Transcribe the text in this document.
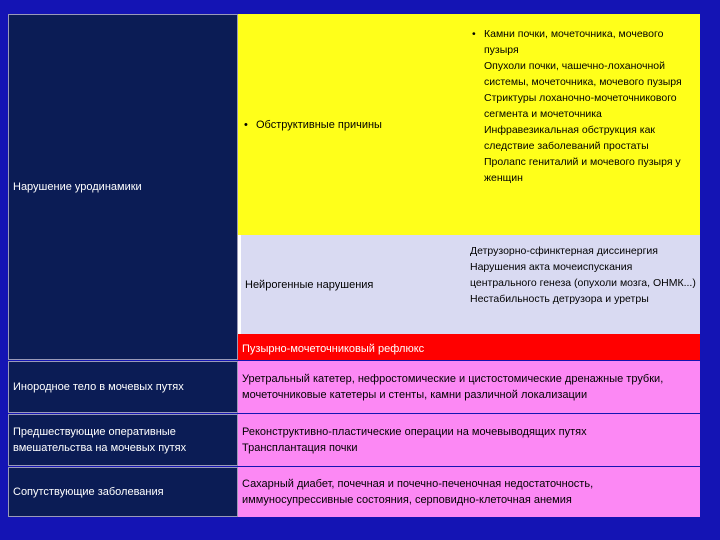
Нарушение уродинамики
• Обструктивные причины
• Камни почки, мочеточника, мочевого пузыря
Опухоли почки, чашечно-лоханочной системы, мочеточника, мочевого пузыря
Стриктуры лоханочно-мочеточникового сегмента и мочеточника
Инфравезикальная обструкция как следствие заболеваний простаты
Пролапс гениталий и мочевого пузыря у женщин
Нейрогенные нарушения
Детрузорно-сфинктерная диссинергия
Нарушения акта мочеиспускания центрального генеза (опухоли мозга, ОНМК...)
Нестабильность детрузора и уретры
Пузырно-мочеточниковый рефлюкс
Инородное тело в мочевых путях
Уретральный катетер, нефростомические и цистостомические дренажные трубки, мочеточниковые катетеры и стенты, камни различной локализации
Предшествующие оперативные вмешательства на мочевых путях
Реконструктивно-пластические операции на мочевыводящих путях
Трансплантация почки
Сопутствующие заболевания
Сахарный диабет, почечная и почечно-печеночная недостаточность, иммуносупрессивные состояния, серповидно-клеточная анемия
